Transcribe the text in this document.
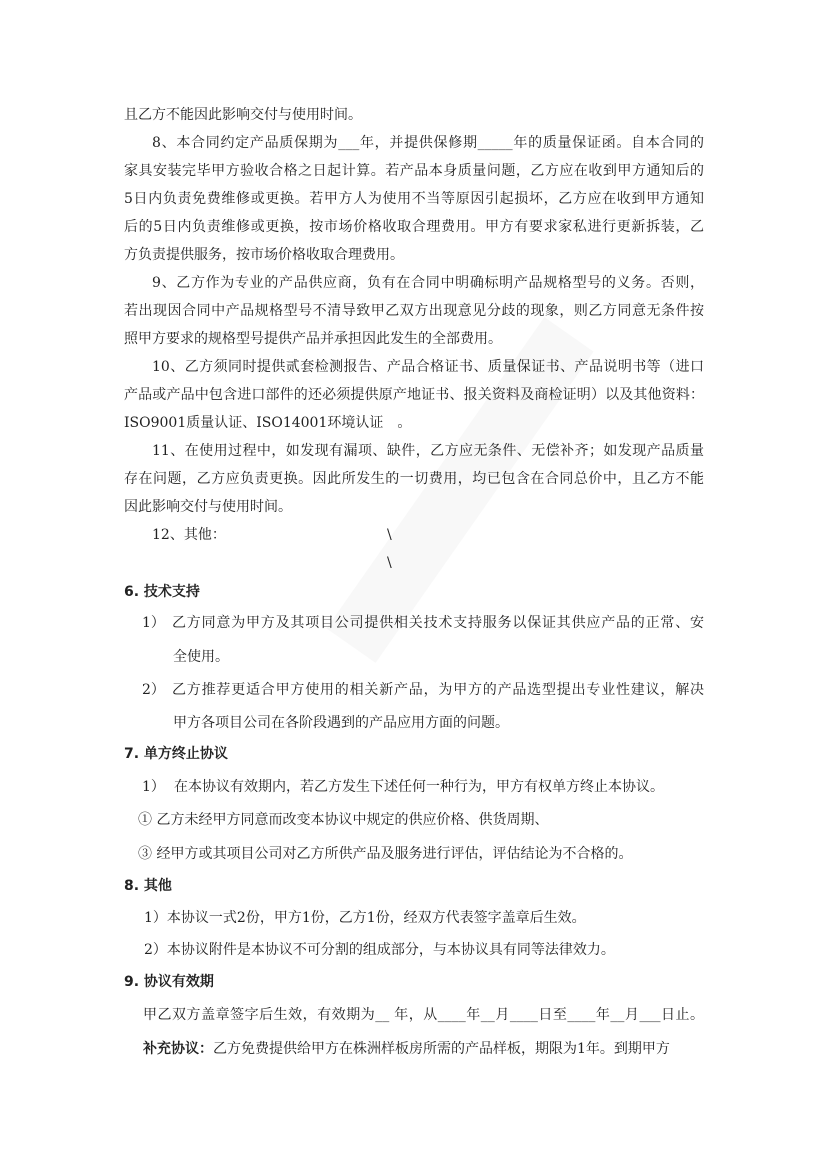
且乙方不能因此影响交付与使用时间。
8、本合同约定产品质保期为___年，并提供保修期_____年的质量保证函。自本合同的
家具安装完毕甲方验收合格之日起计算。若产品本身质量问题，乙方应在收到甲方通知后的
5日内负责免费维修或更换。若甲方人为使用不当等原因引起损坏，乙方应在收到甲方通知
后的5日内负责维修或更换，按市场价格收取合理费用。甲方有要求家私进行更新拆装，乙
方负责提供服务，按市场价格收取合理费用。
9、乙方作为专业的产品供应商，负有在合同中明确标明产品规格型号的义务。否则，
若出现因合同中产品规格型号不清导致甲乙双方出现意见分歧的现象，则乙方同意无条件按
照甲方要求的规格型号提供产品并承担因此发生的全部费用。
10、乙方须同时提供贰套检测报告、产品合格证书、质量保证书、产品说明书等（进口
产品或产品中包含进口部件的还必须提供原产地证书、报关资料及商检证明）以及其他资料：
ISO9001质量认证、ISO14001环境认证　。
11、在使用过程中，如发现有漏项、缺件，乙方应无条件、无偿补齐；如发现产品质量
存在问题，乙方应负责更换。因此所发生的一切费用，均已包含在合同总价中，且乙方不能
因此影响交付与使用时间。
12、其他：	\
\
6. 技术支持
1） 乙方同意为甲方及其项目公司提供相关技术支持服务以保证其供应产品的正常、安
全使用。
2） 乙方推荐更适合甲方使用的相关新产品，为甲方的产品选型提出专业性建议，解决
甲方各项目公司在各阶段遇到的产品应用方面的问题。
7. 单方终止协议
1） 在本协议有效期内，若乙方发生下述任何一种行为，甲方有权单方终止本协议。
① 乙方未经甲方同意而改变本协议中规定的供应价格、供货周期、
③ 经甲方或其项目公司对乙方所供产品及服务进行评估，评估结论为不合格的。
8. 其他
1）本协议一式2份，甲方1份，乙方1份，经双方代表签字盖章后生效。
2）本协议附件是本协议不可分割的组成部分，与本协议具有同等法律效力。
9. 协议有效期
甲乙双方盖章签字后生效，有效期为__ 年，从____年__月____日至____年__月___日止。
补充协议：乙方免费提供给甲方在株洲样板房所需的产品样板，期限为1年。到期甲方
